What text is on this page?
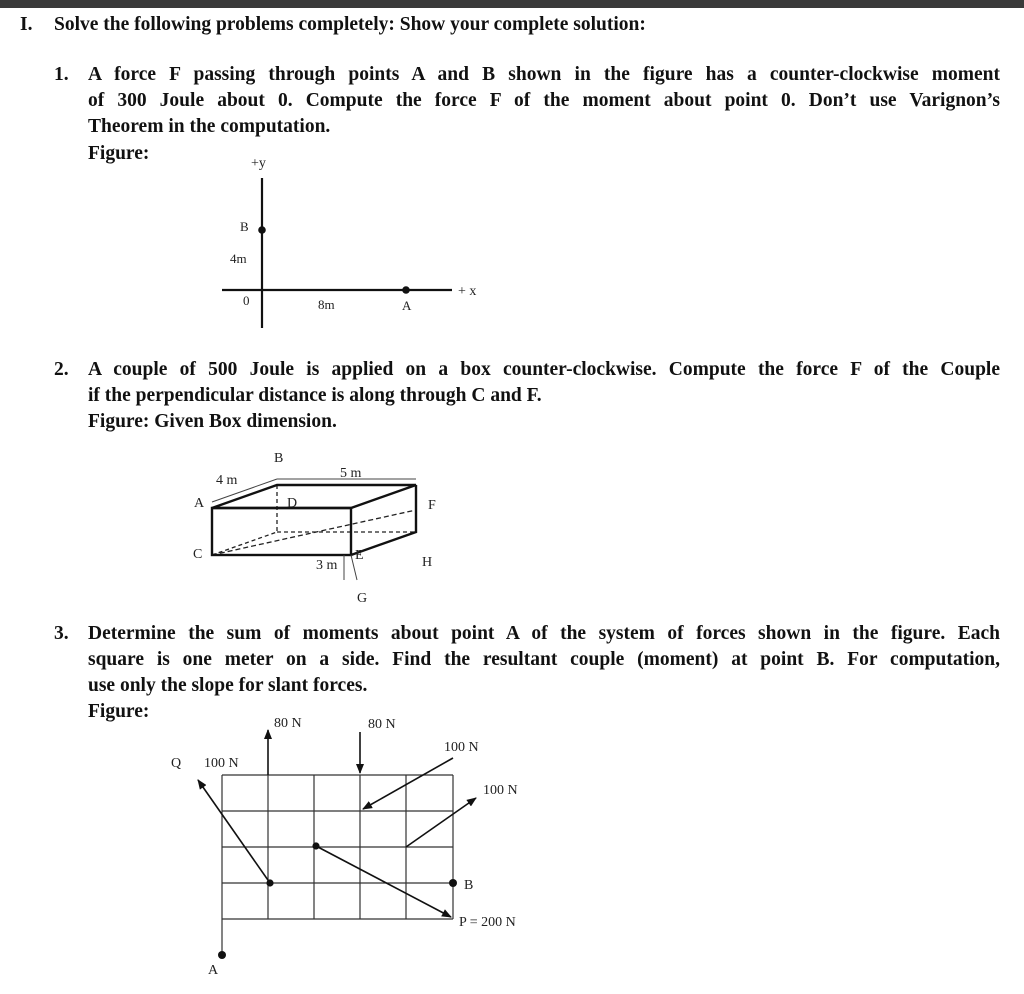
I. Solve the following problems completely: Show your complete solution:
1. A force F passing through points A and B shown in the figure has a counter-clockwise moment
of 300 Joule about 0. Compute the force F of the moment about point 0. Don’t use Varignon’s
Theorem in the computation.
Figure:	+y
+ x
B
4m
0	8m	A
2. A couple of 500 Joule is applied on a box counter-clockwise. Compute the force F of the Couple
if the perpendicular distance is along through C and F.
Figure: Given Box dimension.
B
4 m	5 m
A	D	F
C
3 m
E	H
G
3. Determine the sum of moments about point A of the system of forces shown in the figure. Each
square is one meter on a side. Find the resultant couple (moment) at point B. For computation,
use only the slope for slant forces.
Figure:
80 N	80 N
Q 100 N
100 N
100 N
B
P = 200 N
A
